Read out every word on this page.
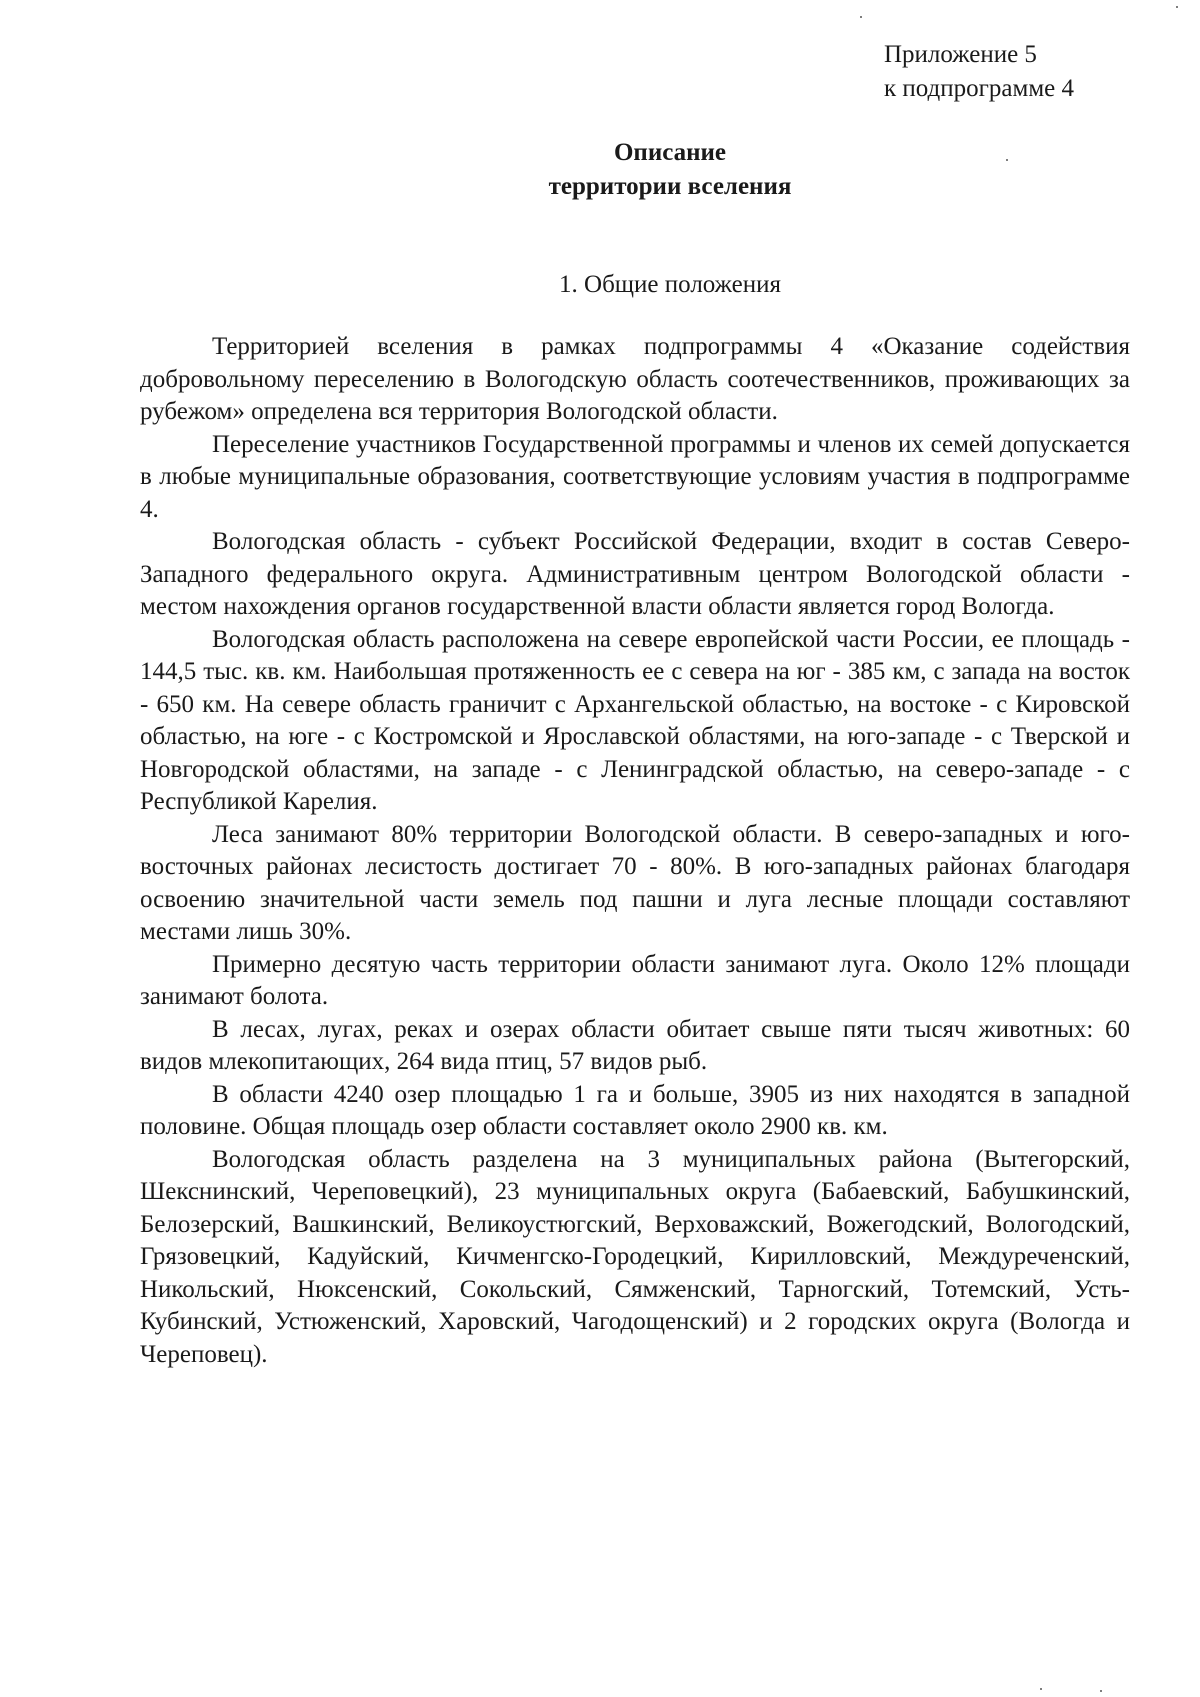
Приложение 5
к подпрограмме 4
Описание
территории вселения
1. Общие положения

Территорией вселения в рамках подпрограммы 4 «Оказание содействия добровольному переселению в Вологодскую область соотечественников, проживающих за рубежом» определена вся территория Вологодской области.

Переселение участников Государственной программы и членов их семей допускается в любые муниципальные образования, соответствующие условиям участия в подпрограмме 4.

Вологодская область - субъект Российской Федерации, входит в состав Северо-Западного федерального округа. Административным центром Вологодской области - местом нахождения органов государственной власти области является город Вологда.

Вологодская область расположена на севере европейской части России, ее площадь - 144,5 тыс. кв. км. Наибольшая протяженность ее с севера на юг - 385 км, с запада на восток - 650 км. На севере область граничит с Архангельской областью, на востоке - с Кировской областью, на юге - с Костромской и Ярославской областями, на юго-западе - с Тверской и Новгородской областями, на западе - с Ленинградской областью, на северо-западе - с Республикой Карелия.

Леса занимают 80% территории Вологодской области. В северо-западных и юго-восточных районах лесистость достигает 70 - 80%. В юго-западных районах благодаря освоению значительной части земель под пашни и луга лесные площади составляют местами лишь 30%.

Примерно десятую часть территории области занимают луга. Около 12% площади занимают болота.

В лесах, лугах, реках и озерах области обитает свыше пяти тысяч животных: 60 видов млекопитающих, 264 вида птиц, 57 видов рыб.

В области 4240 озер площадью 1 га и больше, 3905 из них находятся в западной половине. Общая площадь озер области составляет около 2900 кв. км.

Вологодская область разделена на 3 муниципальных района (Вытегорский, Шекснинский, Череповецкий), 23 муниципальных округа (Бабаевский, Бабушкинский, Белозерский, Вашкинский, Великоустюгский, Верховажский, Вожегодский, Вологодский, Грязовецкий, Кадуйский, Кичменгско-Городецкий, Кирилловский, Междуреченский, Никольский, Нюксенский, Сокольский, Сямженский, Тарногский, Тотемский, Усть-Кубинский, Устюженский, Харовский, Чагодощенский) и 2 городских округа (Вологда и Череповец).
